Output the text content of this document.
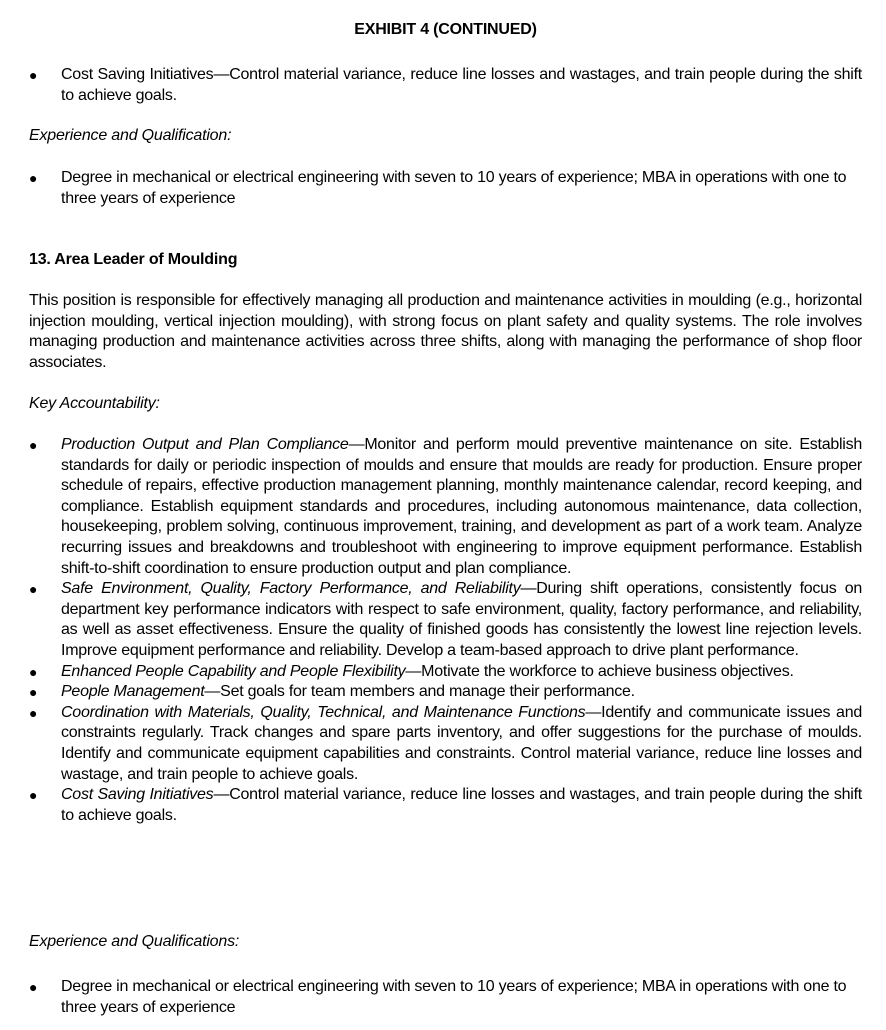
EXHIBIT 4 (CONTINUED)
●	Cost Saving Initiatives—Control material variance, reduce line losses and wastages, and train people during the shift to achieve goals.

Experience and Qualification:

●	Degree in mechanical or electrical engineering with seven to 10 years of experience; MBA in operations with one to three years of experience

13. Area Leader of Moulding

This position is responsible for effectively managing all production and maintenance activities in moulding (e.g., horizontal injection moulding, vertical injection moulding), with strong focus on plant safety and quality systems. The role involves managing production and maintenance activities across three shifts, along with managing the performance of shop floor associates.

Key Accountability:

●	Production Output and Plan Compliance—Monitor and perform mould preventive maintenance on site. Establish standards for daily or periodic inspection of moulds and ensure that moulds are ready for production. Ensure proper schedule of repairs, effective production management planning, monthly maintenance calendar, record keeping, and compliance. Establish equipment standards and procedures, including autonomous maintenance, data collection, housekeeping, problem solving, continuous improvement, training, and development as part of a work team. Analyze recurring issues and breakdowns and troubleshoot with engineering to improve equipment performance. Establish shift-to-shift coordination to ensure production output and plan compliance.
●	Safe Environment, Quality, Factory Performance, and Reliability—During shift operations, consistently focus on department key performance indicators with respect to safe environment, quality, factory performance, and reliability, as well as asset effectiveness. Ensure the quality of finished goods has consistently the lowest line rejection levels. Improve equipment performance and reliability. Develop a team-based approach to drive plant performance.
●	Enhanced People Capability and People Flexibility—Motivate the workforce to achieve business objectives.
●	People Management—Set goals for team members and manage their performance.
●	Coordination with Materials, Quality, Technical, and Maintenance Functions—Identify and communicate issues and constraints regularly. Track changes and spare parts inventory, and offer suggestions for the purchase of moulds. Identify and communicate equipment capabilities and constraints. Control material variance, reduce line losses and wastage, and train people to achieve goals.
●	Cost Saving Initiatives—Control material variance, reduce line losses and wastages, and train people during the shift to achieve goals.

Experience and Qualifications:

●	Degree in mechanical or electrical engineering with seven to 10 years of experience; MBA in operations with one to three years of experience
